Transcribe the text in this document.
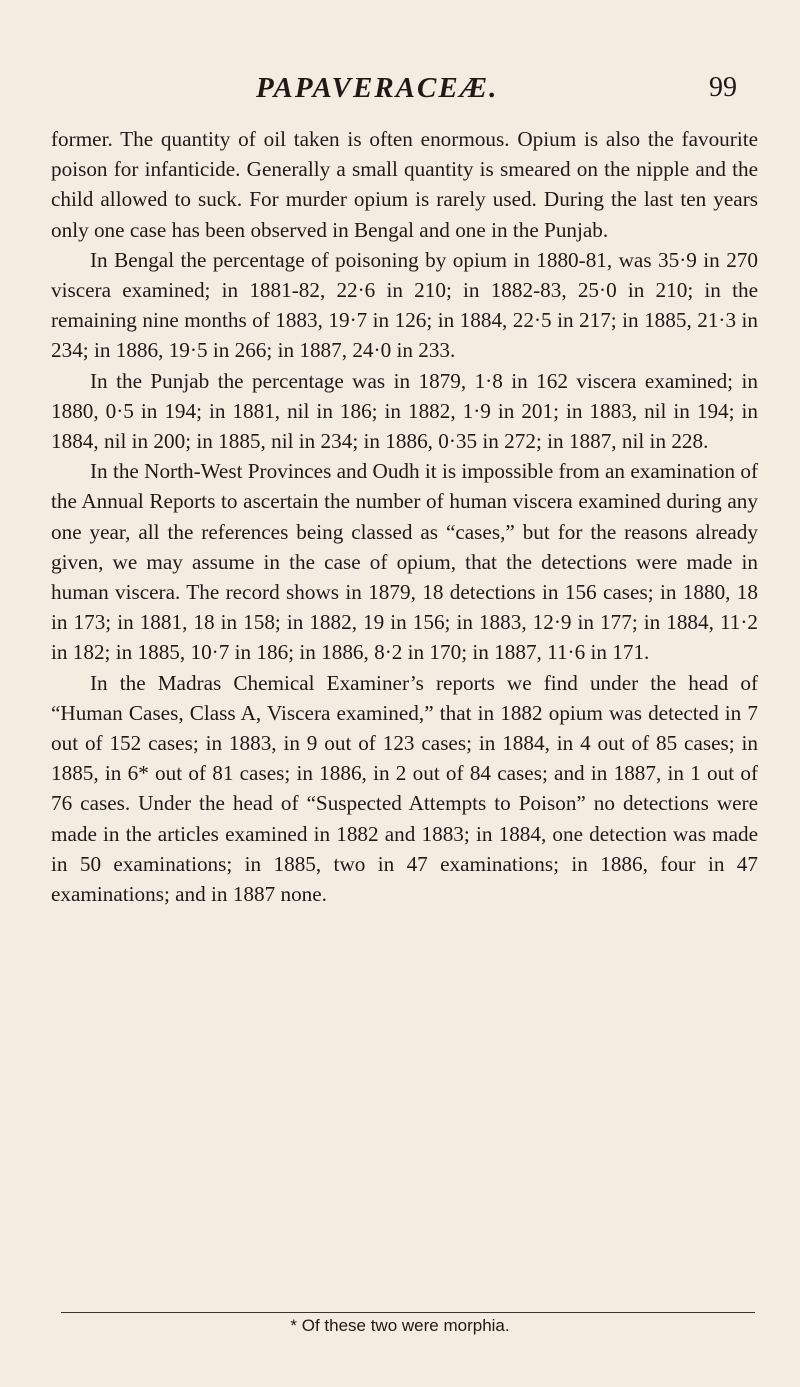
PAPAVERACEÆ.	99

former. The quantity of oil taken is often enormous. Opium is also the favourite poison for infanticide. Generally a small quantity is smeared on the nipple and the child allowed to suck. For murder opium is rarely used. During the last ten years only one case has been observed in Bengal and one in the Punjab.

In Bengal the percentage of poisoning by opium in 1880-81, was 35·9 in 270 viscera examined; in 1881-82, 22·6 in 210; in 1882-83, 25·0 in 210; in the remaining nine months of 1883, 19·7 in 126; in 1884, 22·5 in 217; in 1885, 21·3 in 234; in 1886, 19·5 in 266; in 1887, 24·0 in 233.

In the Punjab the percentage was in 1879, 1·8 in 162 viscera examined; in 1880, 0·5 in 194; in 1881, nil in 186; in 1882, 1·9 in 201; in 1883, nil in 194; in 1884, nil in 200; in 1885, nil in 234; in 1886, 0·35 in 272; in 1887, nil in 228.

In the North-West Provinces and Oudh it is impossible from an examination of the Annual Reports to ascertain the number of human viscera examined during any one year, all the references being classed as “cases,” but for the reasons already given, we may assume in the case of opium, that the detections were made in human viscera. The record shows in 1879, 18 detections in 156 cases; in 1880, 18 in 173; in 1881, 18 in 158; in 1882, 19 in 156; in 1883, 12·9 in 177; in 1884, 11·2 in 182; in 1885, 10·7 in 186; in 1886, 8·2 in 170; in 1887, 11·6 in 171.

In the Madras Chemical Examiner’s reports we find under the head of “Human Cases, Class A, Viscera examined,” that in 1882 opium was detected in 7 out of 152 cases; in 1883, in 9 out of 123 cases; in 1884, in 4 out of 85 cases; in 1885, in 6* out of 81 cases; in 1886, in 2 out of 84 cases; and in 1887, in 1 out of 76 cases. Under the head of “Suspected Attempts to Poison” no detections were made in the articles examined in 1882 and 1883; in 1884, one detection was made in 50 examinations; in 1885, two in 47 examinations; in 1886, four in 47 examinations; and in 1887 none.

* Of these two were morphia.
